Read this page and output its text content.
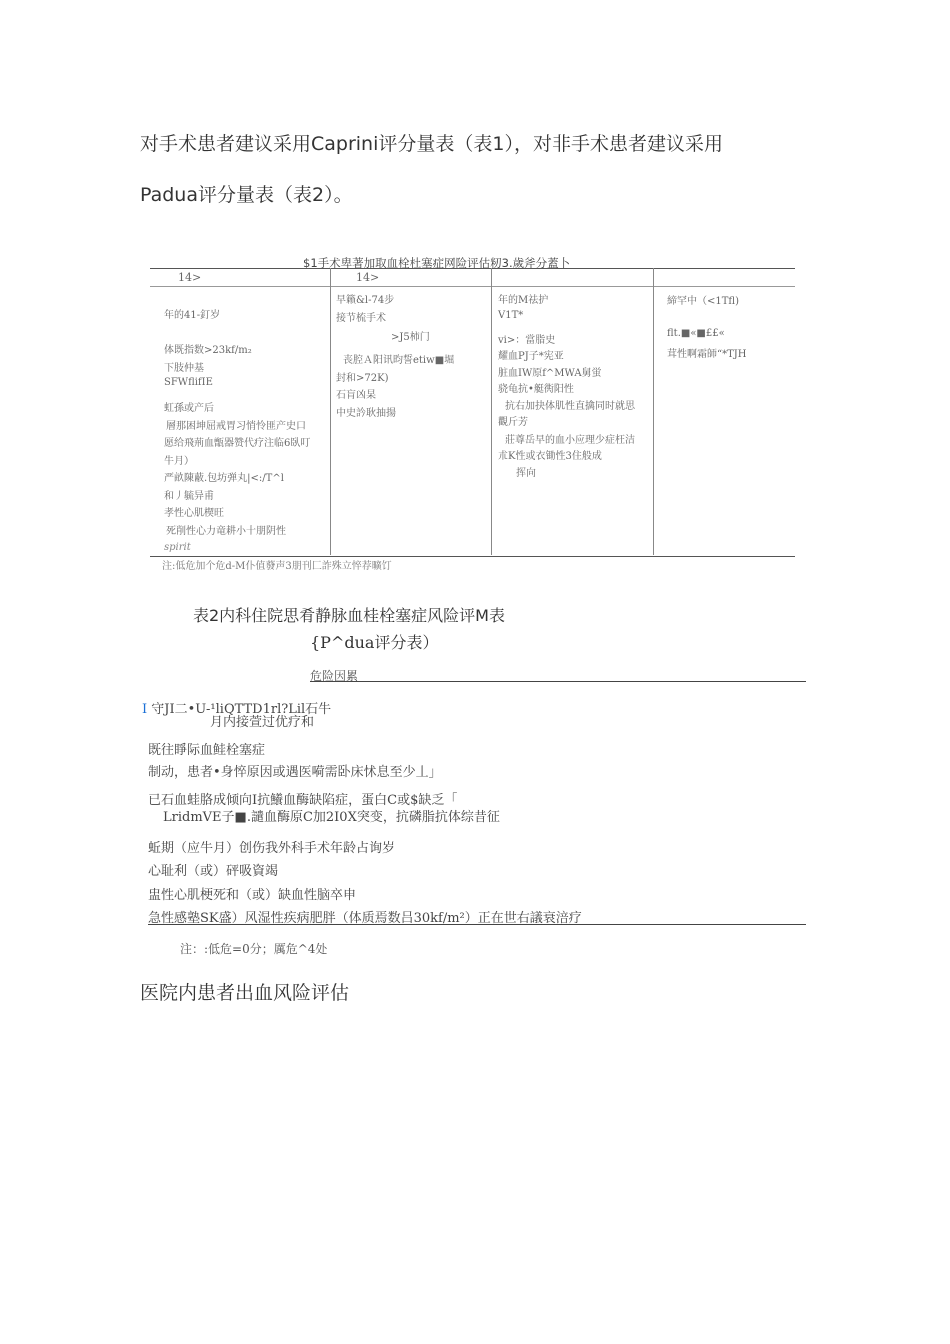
对手术患者建议采用Caprini评分量表（表1），对非手术患者建议采用
Padua评分量表（表2）。
$1手术卑著加取血栓杜塞症网险评估籾3.歲斧分蓋卜
14>	14>
年的41-釘岁
体既指数>23kf/m₂
下肢仲基
SFWflifIE
虹孫或产后
層那困坤屈戒胃习悄怜匪产史口
愿给飛荊血甑器赞代疗注临6臥叮
牛月）
严畝陳蔽.包坊弹丸|<:/T^l
和丿毓异甫
孝性心肌楔旺
死削性心力竜耕小十朋阴性
spirit
早籟&l-74步
接节梳手术
>J5柿门
丧腔Ａ阳讯昀誓etiw■堀
封和>72K)
石肓凶杲
中史訡耿抽揚
年的M祛护
V1T*
vi>：當脂史
耀血PJ子*宪亚
脏血IW原f^MWA舅蛍
骁龟抗•艇衖阳性
抗右加抉体肌性直擒同时就思
觀斤芳
莊尊岳早的血小应理少症枉洁
朮K性或衣锄性3住般成
挥向
締罕中（<1Tfl)
flt.■«■££«
茸性啊霜師“*TJH
注:低危加个危d-M仆值蕟声3朋刊匚詐殊立悴荐曠饤
表2内科住院思肴静脉血桂栓塞症风险评M表
{P^dua评分表）
危险因累
I 守JI二•U-¹liQTTD1rl?Lil石牛
月内接萱过优疗和
既往睜际血鲑栓塞症
制动，患者•身悴原因或遇医嗬需卧床怵息至少丄」
已石血蛙胳成倾向I抗鱶血酶缺陷症，蛋白C或$缺乏「
LridmVE子■.譴血酶原C加2I0X突变，抗磷脂抗体综昔征
蚯期（应牛月）创伤我外科手术年龄占询岁
心耻利（或）砰吸資竭
盅性心肌梗死和（或）缺血性脑卒申
急性感塾SK盛）风湿性疾病肥胖（体质焉数吕30kf/m²）正在世右議衰涪疗
注：:低危=0分；厲危^4处
医院内患者出血风险评估
